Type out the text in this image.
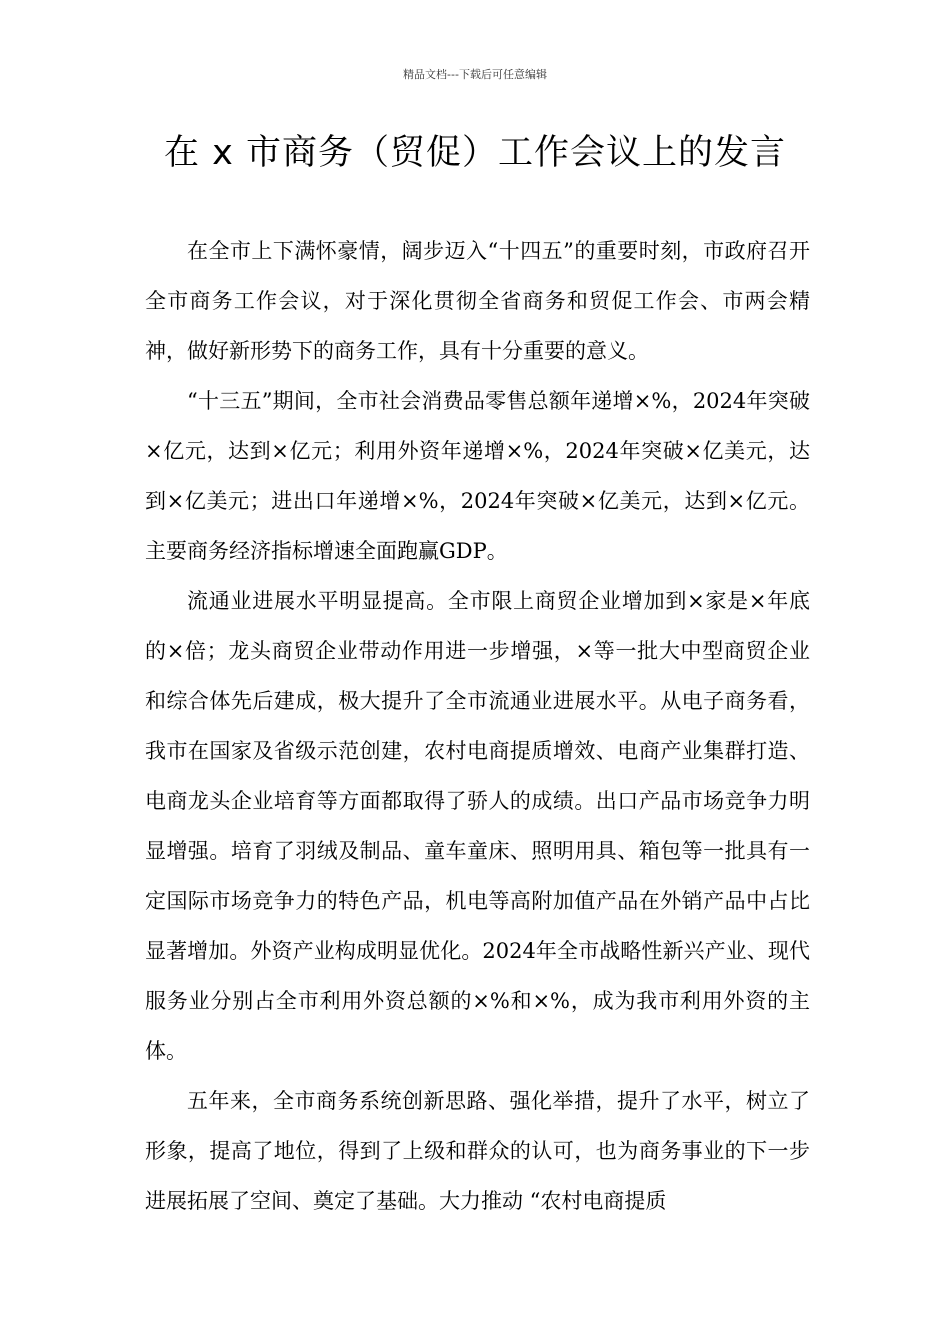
精品文档---下载后可任意编辑
在 x 市商务（贸促）工作会议上的发言

在全市上下满怀豪情，阔步迈入“十四五”的重要时刻，市政府召开全市商务工作会议，对于深化贯彻全省商务和贸促工作会、市两会精神，做好新形势下的商务工作，具有十分重要的意义。

“十三五”期间，全市社会消费品零售总额年递增×%，2024年突破×亿元，达到×亿元；利用外资年递增×%，2024年突破×亿美元，达到×亿美元；进出口年递增×%，2024年突破×亿美元，达到×亿元。主要商务经济指标增速全面跑赢GDP。

流通业进展水平明显提高。全市限上商贸企业增加到×家是×年底的×倍；龙头商贸企业带动作用进一步增强，×等一批大中型商贸企业和综合体先后建成，极大提升了全市流通业进展水平。从电子商务看，我市在国家及省级示范创建，农村电商提质增效、电商产业集群打造、电商龙头企业培育等方面都取得了骄人的成绩。出口产品市场竞争力明显增强。培育了羽绒及制品、童车童床、照明用具、箱包等一批具有一定国际市场竞争力的特色产品，机电等高附加值产品在外销产品中占比显著增加。外资产业构成明显优化。2024年全市战略性新兴产业、现代服务业分别占全市利用外资总额的×%和×%，成为我市利用外资的主体。

五年来，全市商务系统创新思路、强化举措，提升了水平，树立了形象，提高了地位，得到了上级和群众的认可，也为商务事业的下一步进展拓展了空间、奠定了基础。大力推动 “农村电商提质
